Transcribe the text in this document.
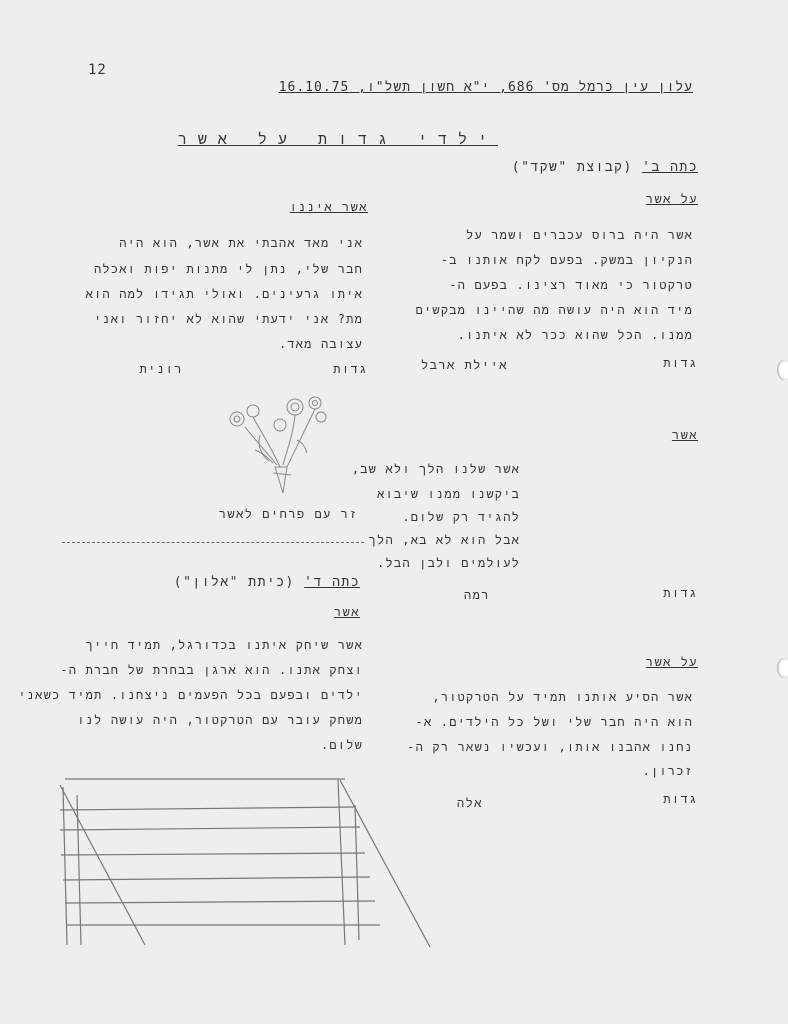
12
עלון עין כרמל מס' 686, י"א חשון תשל"ו, 16.10.75
ילדי גדות על אשר
כתה ב' (קבוצת "שקד")
על אשר
אשר היה ברוס עכברים ושמר על
הנקיון במשק. בפעם לקח אותנו ב-
טרקטור כי מאוד רצינו. בפעם ה-
מיד הוא היה עושה מה שהיינו מבקשים
ממנו. הכל שהוא ככר לא איתנו.
גדות
איילת ארבל
אשר איננו
אני מאד אהבתי את אשר, הוא היה
חבר שלי, נתן לי מתנות יפות ואכלה
איתו גרעינים. ואולי תגידו למה הוא
מת? אני ידעתי שהוא לא יחזור ואני
עצובה מאד.
גדות
רונית
זר עם פרחים לאשר
אשר
אשר שלנו הלך ולא שב,
ביקשנו ממנו שיבוא
להגיד רק שלום.
אבל הוא לא בא, הלך
לעולמים ולבן הבל.
גדות
רמה
כתה ד' (כיתת "אלון")
אשר
אשר שיחק איתנו בכדורגל, תמיד חייך
וצחק אתנו. הוא ארגן בבחרת של חברת ה-
ילדים ובפעם בכל הפעמים ניצחנו. תמיד כשאני
משחק עובר עם הטרקטור, היה עושה לנו
שלום.
על אשר
אשר הסיע אותנו תמיד על הטרקטור,
הוא היה חבר שלי ושל כל הילדים. א-
נחנו אהבנו אותו, ועכשיו נשאר רק ה-
זכרון.
גדות
אלה
